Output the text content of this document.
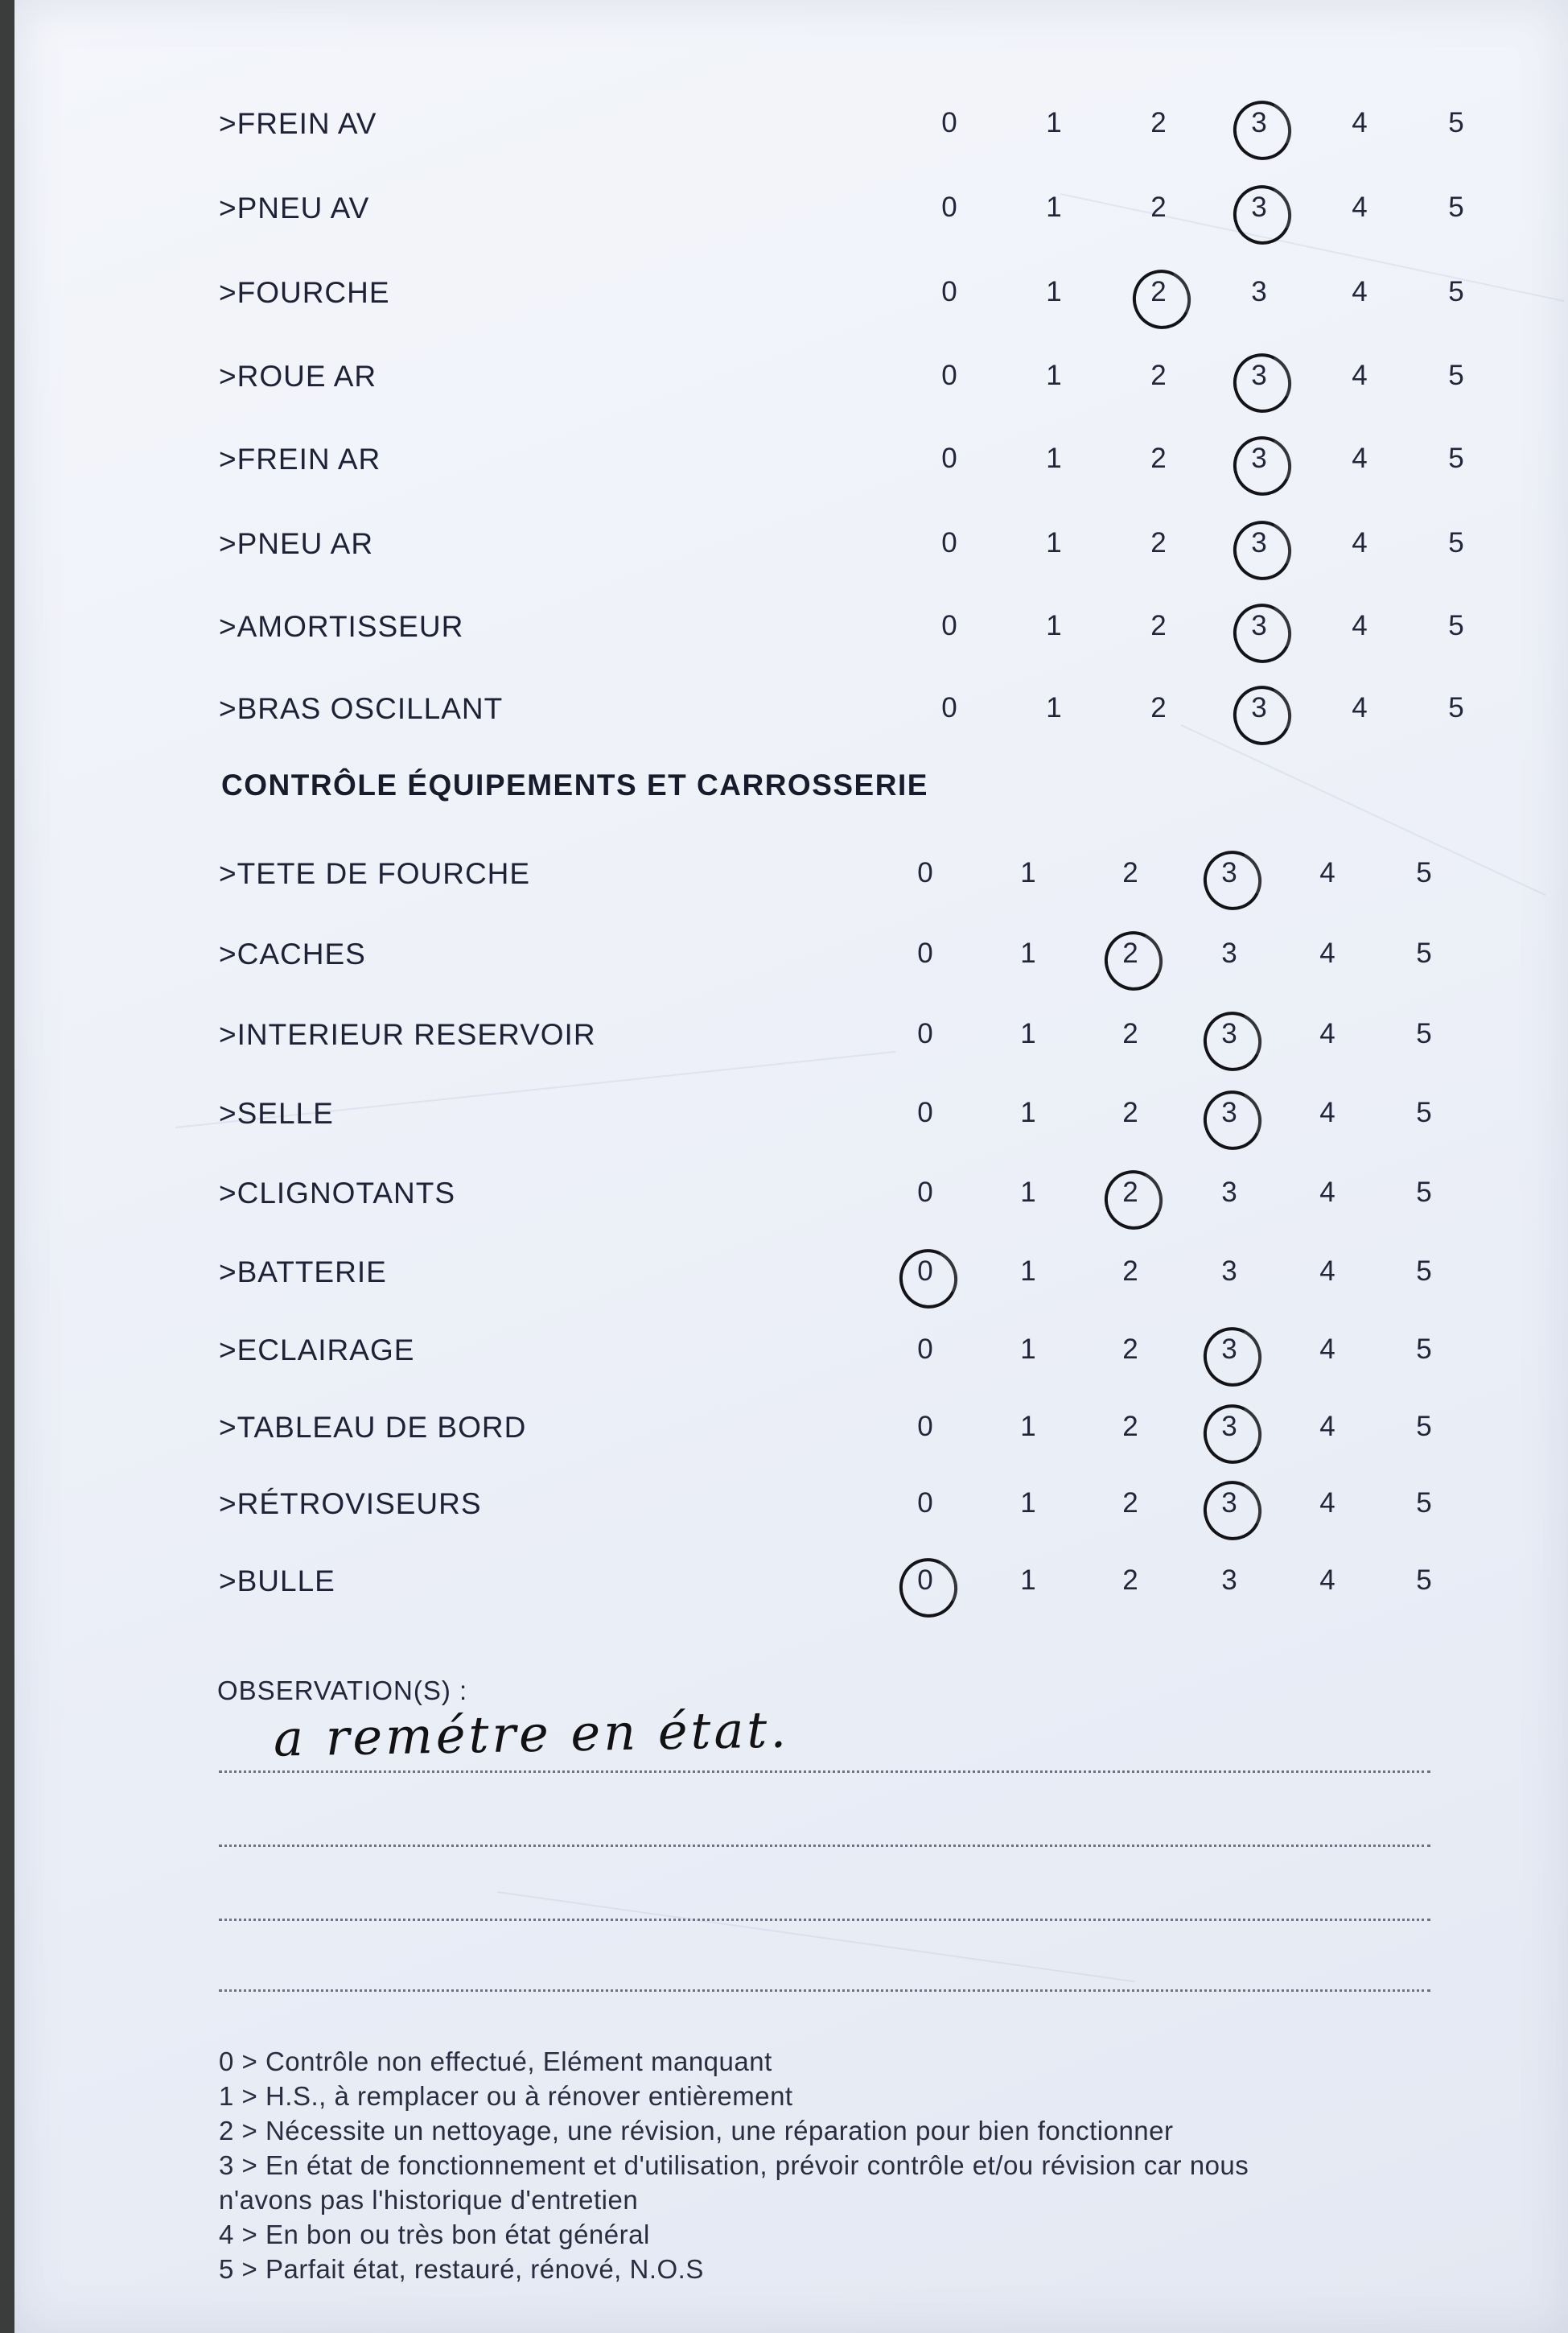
>FREIN AV	0	1	2	3	4	5
>PNEU AV	0	1	2	3	4	5
>FOURCHE	0	1	2	3	4	5
>ROUE AR	0	1	2	3	4	5
>FREIN AR	0	1	2	3	4	5
>PNEU AR	0	1	2	3	4	5
>AMORTISSEUR	0	1	2	3	4	5
>BRAS OSCILLANT	0	1	2	3	4	5
CONTRÔLE ÉQUIPEMENTS ET CARROSSERIE
>TETE DE FOURCHE	0	1	2	3	4	5
>CACHES	0	1	2	3	4	5
>INTERIEUR RESERVOIR	0	1	2	3	4	5
>SELLE	0	1	2	3	4	5
>CLIGNOTANTS	0	1	2	3	4	5
>BATTERIE	0	1	2	3	4	5
>ECLAIRAGE	0	1	2	3	4	5
>TABLEAU DE BORD	0	1	2	3	4	5
>RÉTROVISEURS	0	1	2	3	4	5
>BULLE	0	1	2	3	4	5
OBSERVATION(S) :
a remétre en état.
0 > Contrôle non effectué, Elément manquant
1 > H.S., à remplacer ou à rénover entièrement
2 > Nécessite un nettoyage, une révision, une réparation pour bien fonctionner
3 > En état de fonctionnement et d'utilisation, prévoir contrôle et/ou révision car nous
n'avons pas l'historique d'entretien
4 > En bon ou très bon état général
5 > Parfait état, restauré, rénové, N.O.S
